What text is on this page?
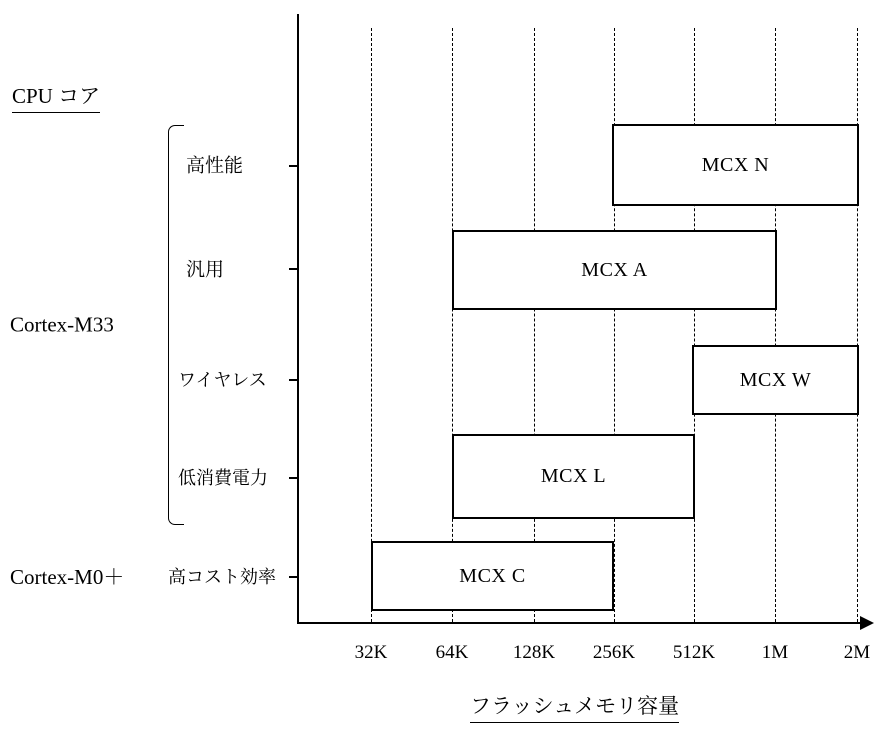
CPU コア
32K	64K 128K 256K 512K 1M	2M
MCX N
MCX A
MCX W
MCX L
MCX C
高性能
汎用
ワイヤレス
低消費電力
高コスト効率
Cortex-M33
Cortex-M0＋
フラッシュメモリ容量
